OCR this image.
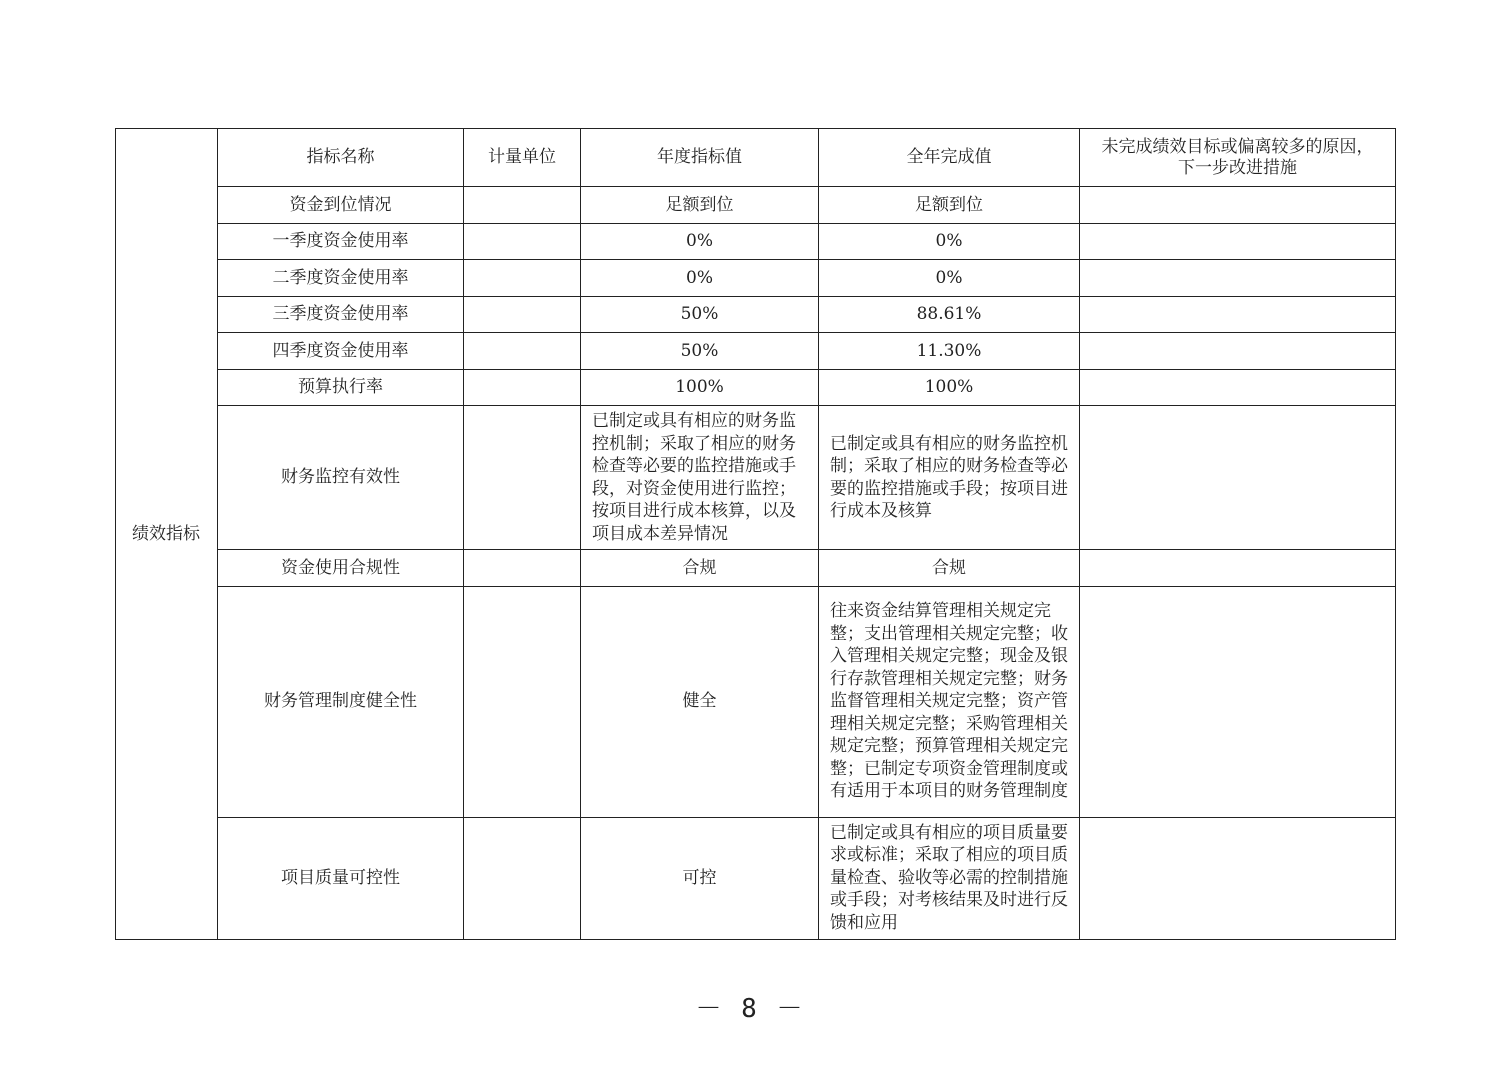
绩效指标	指标名称	计量单位	年度指标值	全年完成值	未完成绩效目标或偏离较多的原因，
下一步改进措施

	资金到位情况		足额到位	足额到位	
	一季度资金使用率		0%	0%	
	二季度资金使用率		0%	0%	
	三季度资金使用率		50%	88.61%	
	四季度资金使用率		50%	11.30%	
	预算执行率		100%	100%	
	财务监控有效性		已制定或具有相应的财务监控机制；采取了相应的财务检查等必要的监控措施或手段，对资金使用进行监控；按项目进行成本核算，以及项目成本差异情况	已制定或具有相应的财务监控机制；采取了相应的财务检查等必要的监控措施或手段；按项目进行成本及核算	
	资金使用合规性		合规	合规	
	财务管理制度健全性		健全	往来资金结算管理相关规定完整；支出管理相关规定完整；收入管理相关规定完整；现金及银行存款管理相关规定完整；财务监督管理相关规定完整；资产管理相关规定完整；采购管理相关规定完整；预算管理相关规定完整；已制定专项资金管理制度或有适用于本项目的财务管理制度	
	项目质量可控性		可控	已制定或具有相应的项目质量要求或标准；采取了相应的项目质量检查、验收等必需的控制措施或手段；对考核结果及时进行反馈和应用	
－ 8 －
